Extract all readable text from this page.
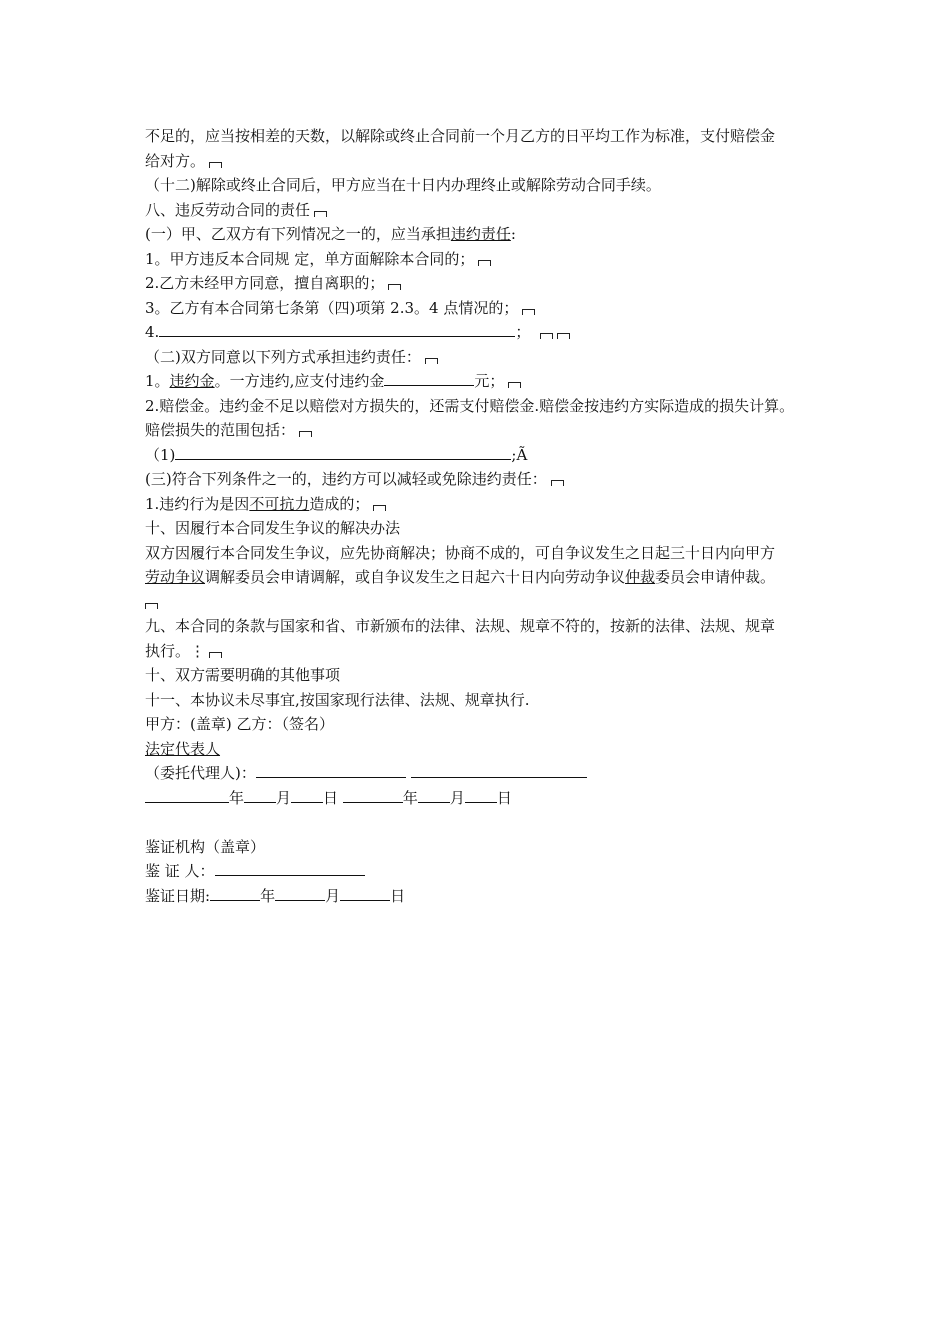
不足的，应当按相差的天数，以解除或终止合同前一个月乙方的日平均工作为标准，支付赔偿金
给对方。
（十二)解除或终止合同后，甲方应当在十日内办理终止或解除劳动合同手续。
八、违反劳动合同的责任
(一）甲、乙双方有下列情况之一的，应当承担违约责任:
1。甲方违反本合同规 定，单方面解除本合同的；
2.乙方未经甲方同意，擅自离职的；
3。乙方有本合同第七条第（四)项第 2.3。4 点情况的；
4.	；
（二)双方同意以下列方式承担违约责任：
1。违约金。一方违约,应支付违约金	元；
2.赔偿金。违约金不足以赔偿对方损失的，还需支付赔偿金.赔偿金按违约方实际造成的损失计算。
赔偿损失的范围包括：
（1)	;Ã
(三)符合下列条件之一的，违约方可以减轻或免除违约责任：
1.违约行为是因不可抗力造成的；
十、因履行本合同发生争议的解决办法
双方因履行本合同发生争议，应先协商解决；协商不成的，可自争议发生之日起三十日内向甲方
劳动争议调解委员会申请调解，或自争议发生之日起六十日内向劳动争议仲裁委员会申请仲裁。
九、本合同的条款与国家和省、市新颁布的法律、法规、规章不符的，按新的法律、法规、规章
执行。⋮
十、双方需要明确的其他事项
十一、本协议未尽事宜,按国家现行法律、法规、规章执行.
甲方：(盖章) 乙方：（签名）
法定代表人
（委托代理人)：
年 月 日	年 月 日
鉴证机构（盖章）
鉴 证 人：
鉴证日期:	年	月	日
